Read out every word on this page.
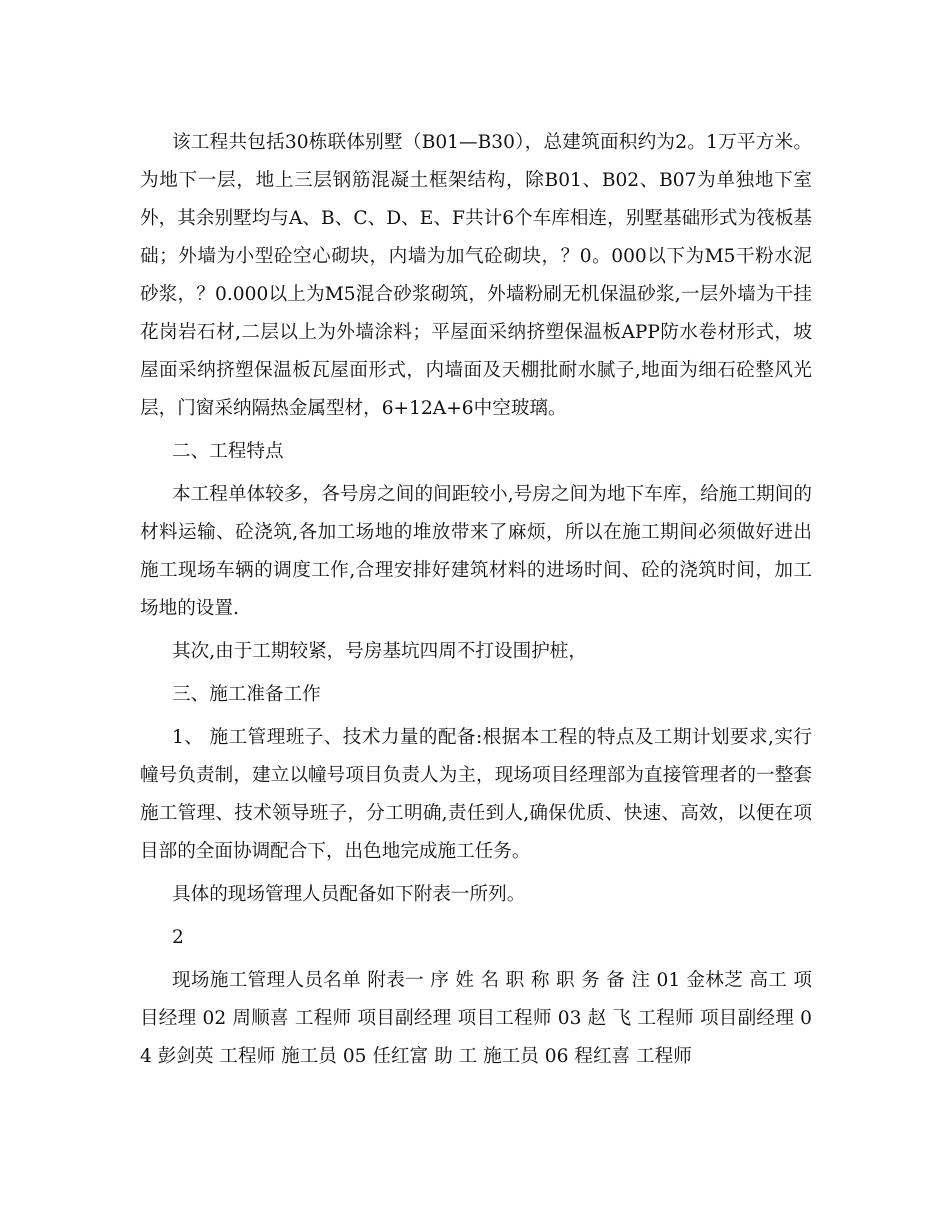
该工程共包括30栋联体别墅（B01—B30），总建筑面积约为2。1万平方米。为地下一层，地上三层钢筋混凝土框架结构，除B01、B02、B07为单独地下室外，其余别墅均与A、B、C、D、E、F共计6个车库相连，别墅基础形式为筏板基础；外墙为小型砼空心砌块，内墙为加气砼砌块，？0。000以下为M5干粉水泥砂浆，？0.000以上为M5混合砂浆砌筑，外墙粉刷无机保温砂浆,一层外墙为干挂花岗岩石材,二层以上为外墙涂料；平屋面采纳挤塑保温板APP防水卷材形式，坡屋面采纳挤塑保温板瓦屋面形式，内墙面及天棚批耐水腻子,地面为细石砼整风光层，门窗采纳隔热金属型材，6+12A+6中空玻璃。

二、工程特点

本工程单体较多，各号房之间的间距较小,号房之间为地下车库，给施工期间的材料运输、砼浇筑,各加工场地的堆放带来了麻烦，所以在施工期间必须做好进出施工现场车辆的调度工作,合理安排好建筑材料的进场时间、砼的浇筑时间，加工场地的设置.

其次,由于工期较紧，号房基坑四周不打设围护桩，

三、施工准备工作

1、 施工管理班子、技术力量的配备:根据本工程的特点及工期计划要求,实行幢号负责制，建立以幢号项目负责人为主，现场项目经理部为直接管理者的一整套施工管理、技术领导班子，分工明确,责任到人,确保优质、快速、高效，以便在项目部的全面协调配合下，出色地完成施工任务。

具体的现场管理人员配备如下附表一所列。

2

现场施工管理人员名单 附表一 序 姓 名 职 称 职 务 备 注 01 金林芝 高工 项目经理 02 周顺喜 工程师 项目副经理 项目工程师 03 赵 飞 工程师 项目副经理 04 彭剑英 工程师 施工员 05 任红富 助 工 施工员 06 程红喜 工程师
